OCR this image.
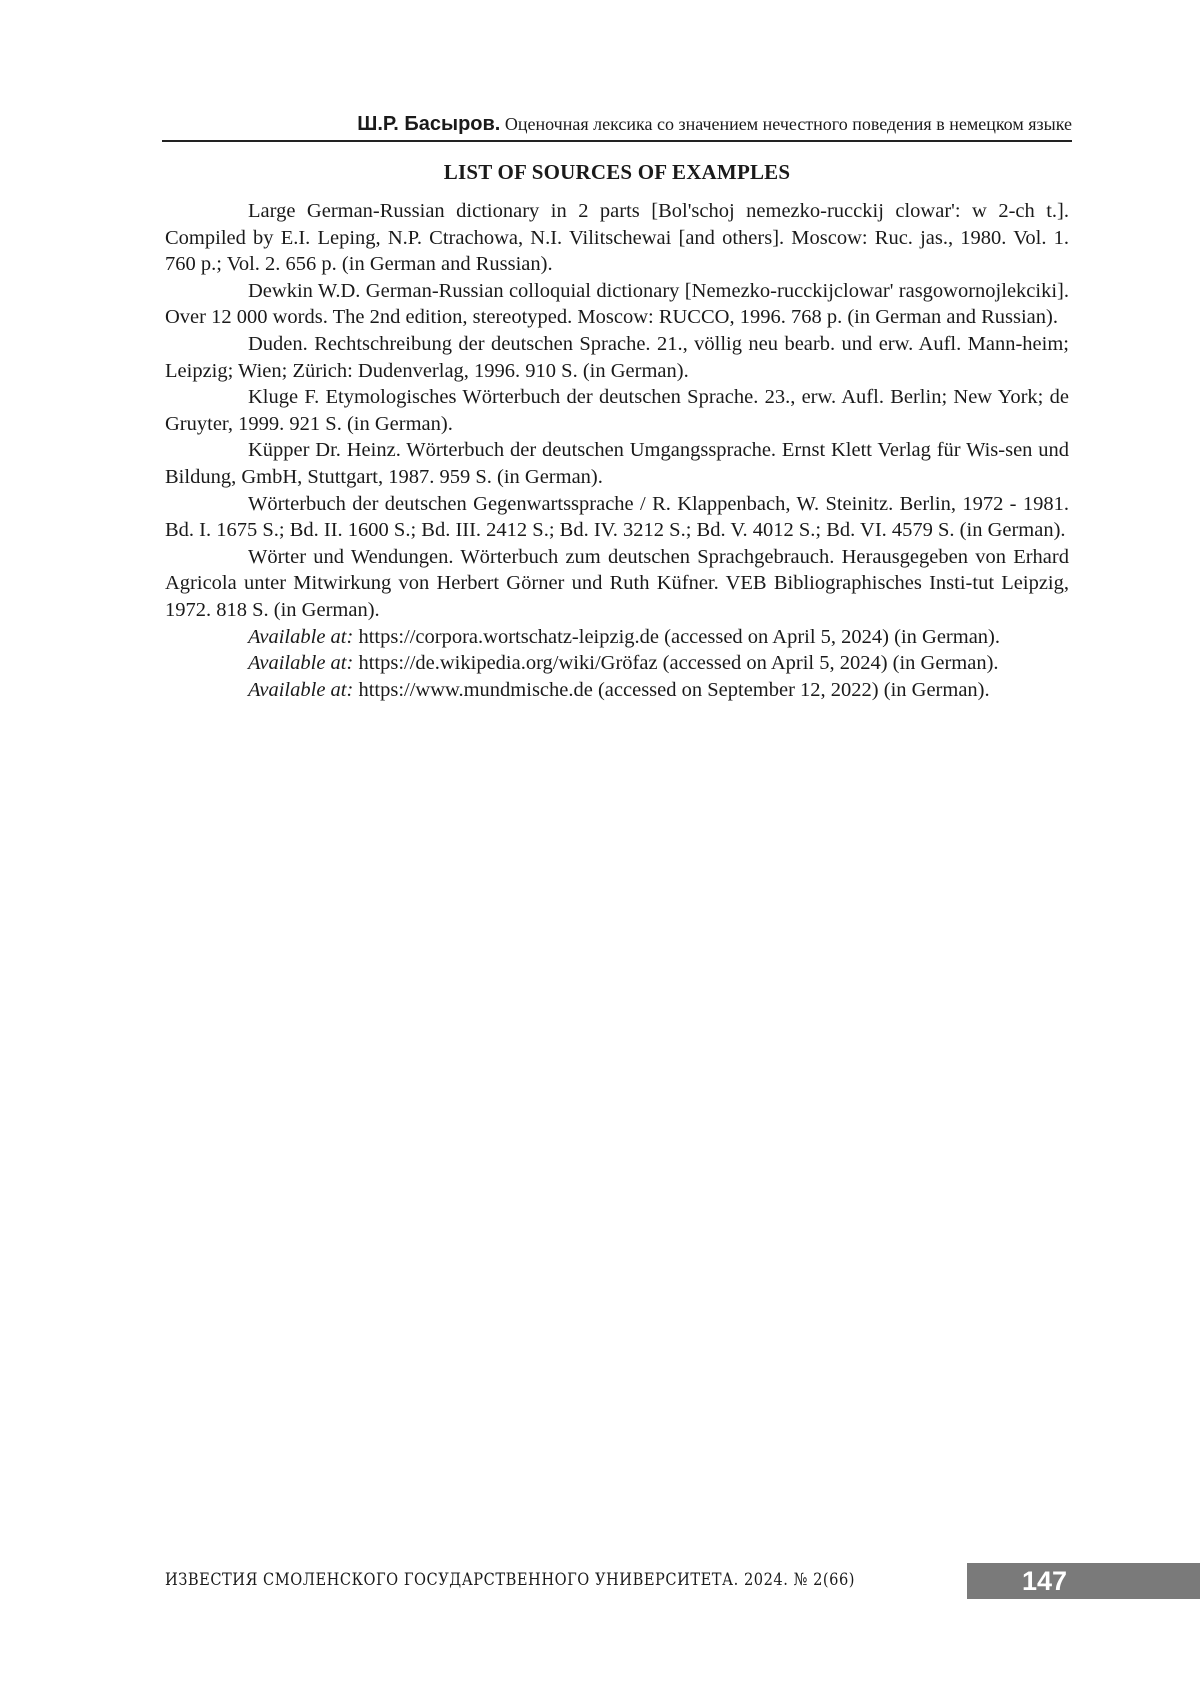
Ш.Р. Басыров. Оценочная лексика со значением нечестного поведения в немецком языке
LIST OF SOURCES OF EXAMPLES

Large German-Russian dictionary in 2 parts [Bol'schoj nemezko-rucckij clowar': w 2-ch t.]. Compiled by E.I. Leping, N.P. Ctrachowa, N.I. Vilitschewai [and others]. Moscow: Ruc. jas., 1980. Vol. 1. 760 p.; Vol. 2. 656 p. (in German and Russian).

Dewkin W.D. German-Russian colloquial dictionary [Nemezko-rucckijclowar' rasgowornojlekciki]. Over 12 000 words. The 2nd edition, stereotyped. Moscow: RUCCO, 1996. 768 p. (in German and Russian).

Duden. Rechtschreibung der deutschen Sprache. 21., völlig neu bearb. und erw. Aufl. Mann-heim; Leipzig; Wien; Zürich: Dudenverlag, 1996. 910 S. (in German).

Kluge F. Etymologisches Wörterbuch der deutschen Sprache. 23., erw. Aufl. Berlin; New York; de Gruyter, 1999. 921 S. (in German).

Küpper Dr. Heinz. Wörterbuch der deutschen Umgangssprache. Ernst Klett Verlag für Wis-sen und Bildung, GmbH, Stuttgart, 1987. 959 S. (in German).

Wörterbuch der deutschen Gegenwartssprache / R. Klappenbach, W. Steinitz. Berlin, 1972 - 1981. Bd. I. 1675 S.; Bd. II. 1600 S.; Bd. III. 2412 S.; Bd. IV. 3212 S.; Bd. V. 4012 S.; Bd. VI. 4579 S. (in German).

Wörter und Wendungen. Wörterbuch zum deutschen Sprachgebrauch. Herausgegeben von Erhard Agricola unter Mitwirkung von Herbert Görner und Ruth Küfner. VEB Bibliographisches Insti-tut Leipzig, 1972. 818 S. (in German).

Available at: https://corpora.wortschatz-leipzig.de (accessed on April 5, 2024) (in German).

Available at: https://de.wikipedia.org/wiki/Gröfaz (accessed on April 5, 2024) (in German).

Available at: https://www.mundmische.de (accessed on September 12, 2022) (in German).

ИЗВЕСТИЯ СМОЛЕНСКОГО ГОСУДАРСТВЕННОГО УНИВЕРСИТЕТА. 2024. № 2(66)	147
